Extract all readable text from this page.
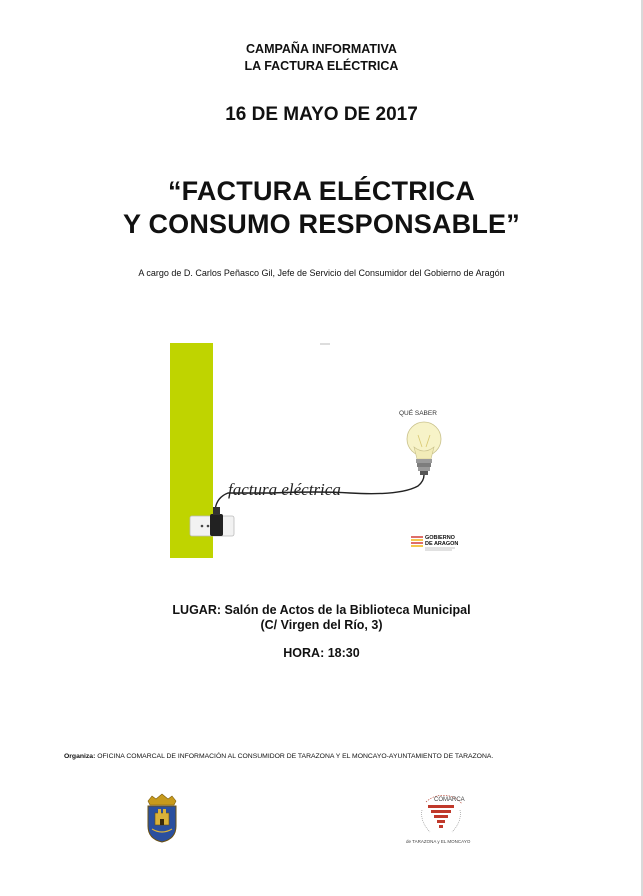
CAMPAÑA INFORMATIVA
LA FACTURA ELÉCTRICA
16 DE MAYO DE 2017
“FACTURA ELÉCTRICA
Y CONSUMO RESPONSABLE”
A cargo de D. Carlos Peñasco Gil, Jefe de Servicio del Consumidor del Gobierno de Aragón
QUÉ SABER
factura eléctrica
GOBIERNO
DE ARAGON
LUGAR: Salón de Actos de la Biblioteca Municipal
(C/ Virgen del Río, 3)
HORA: 18:30
Organiza: OFICINA COMARCAL DE INFORMACIÓN AL CONSUMIDOR DE TARAZONA Y EL MONCAYO-AYUNTAMIENTO DE TARAZONA.
COMARCA
de TARAZONA y EL MONCAYO
